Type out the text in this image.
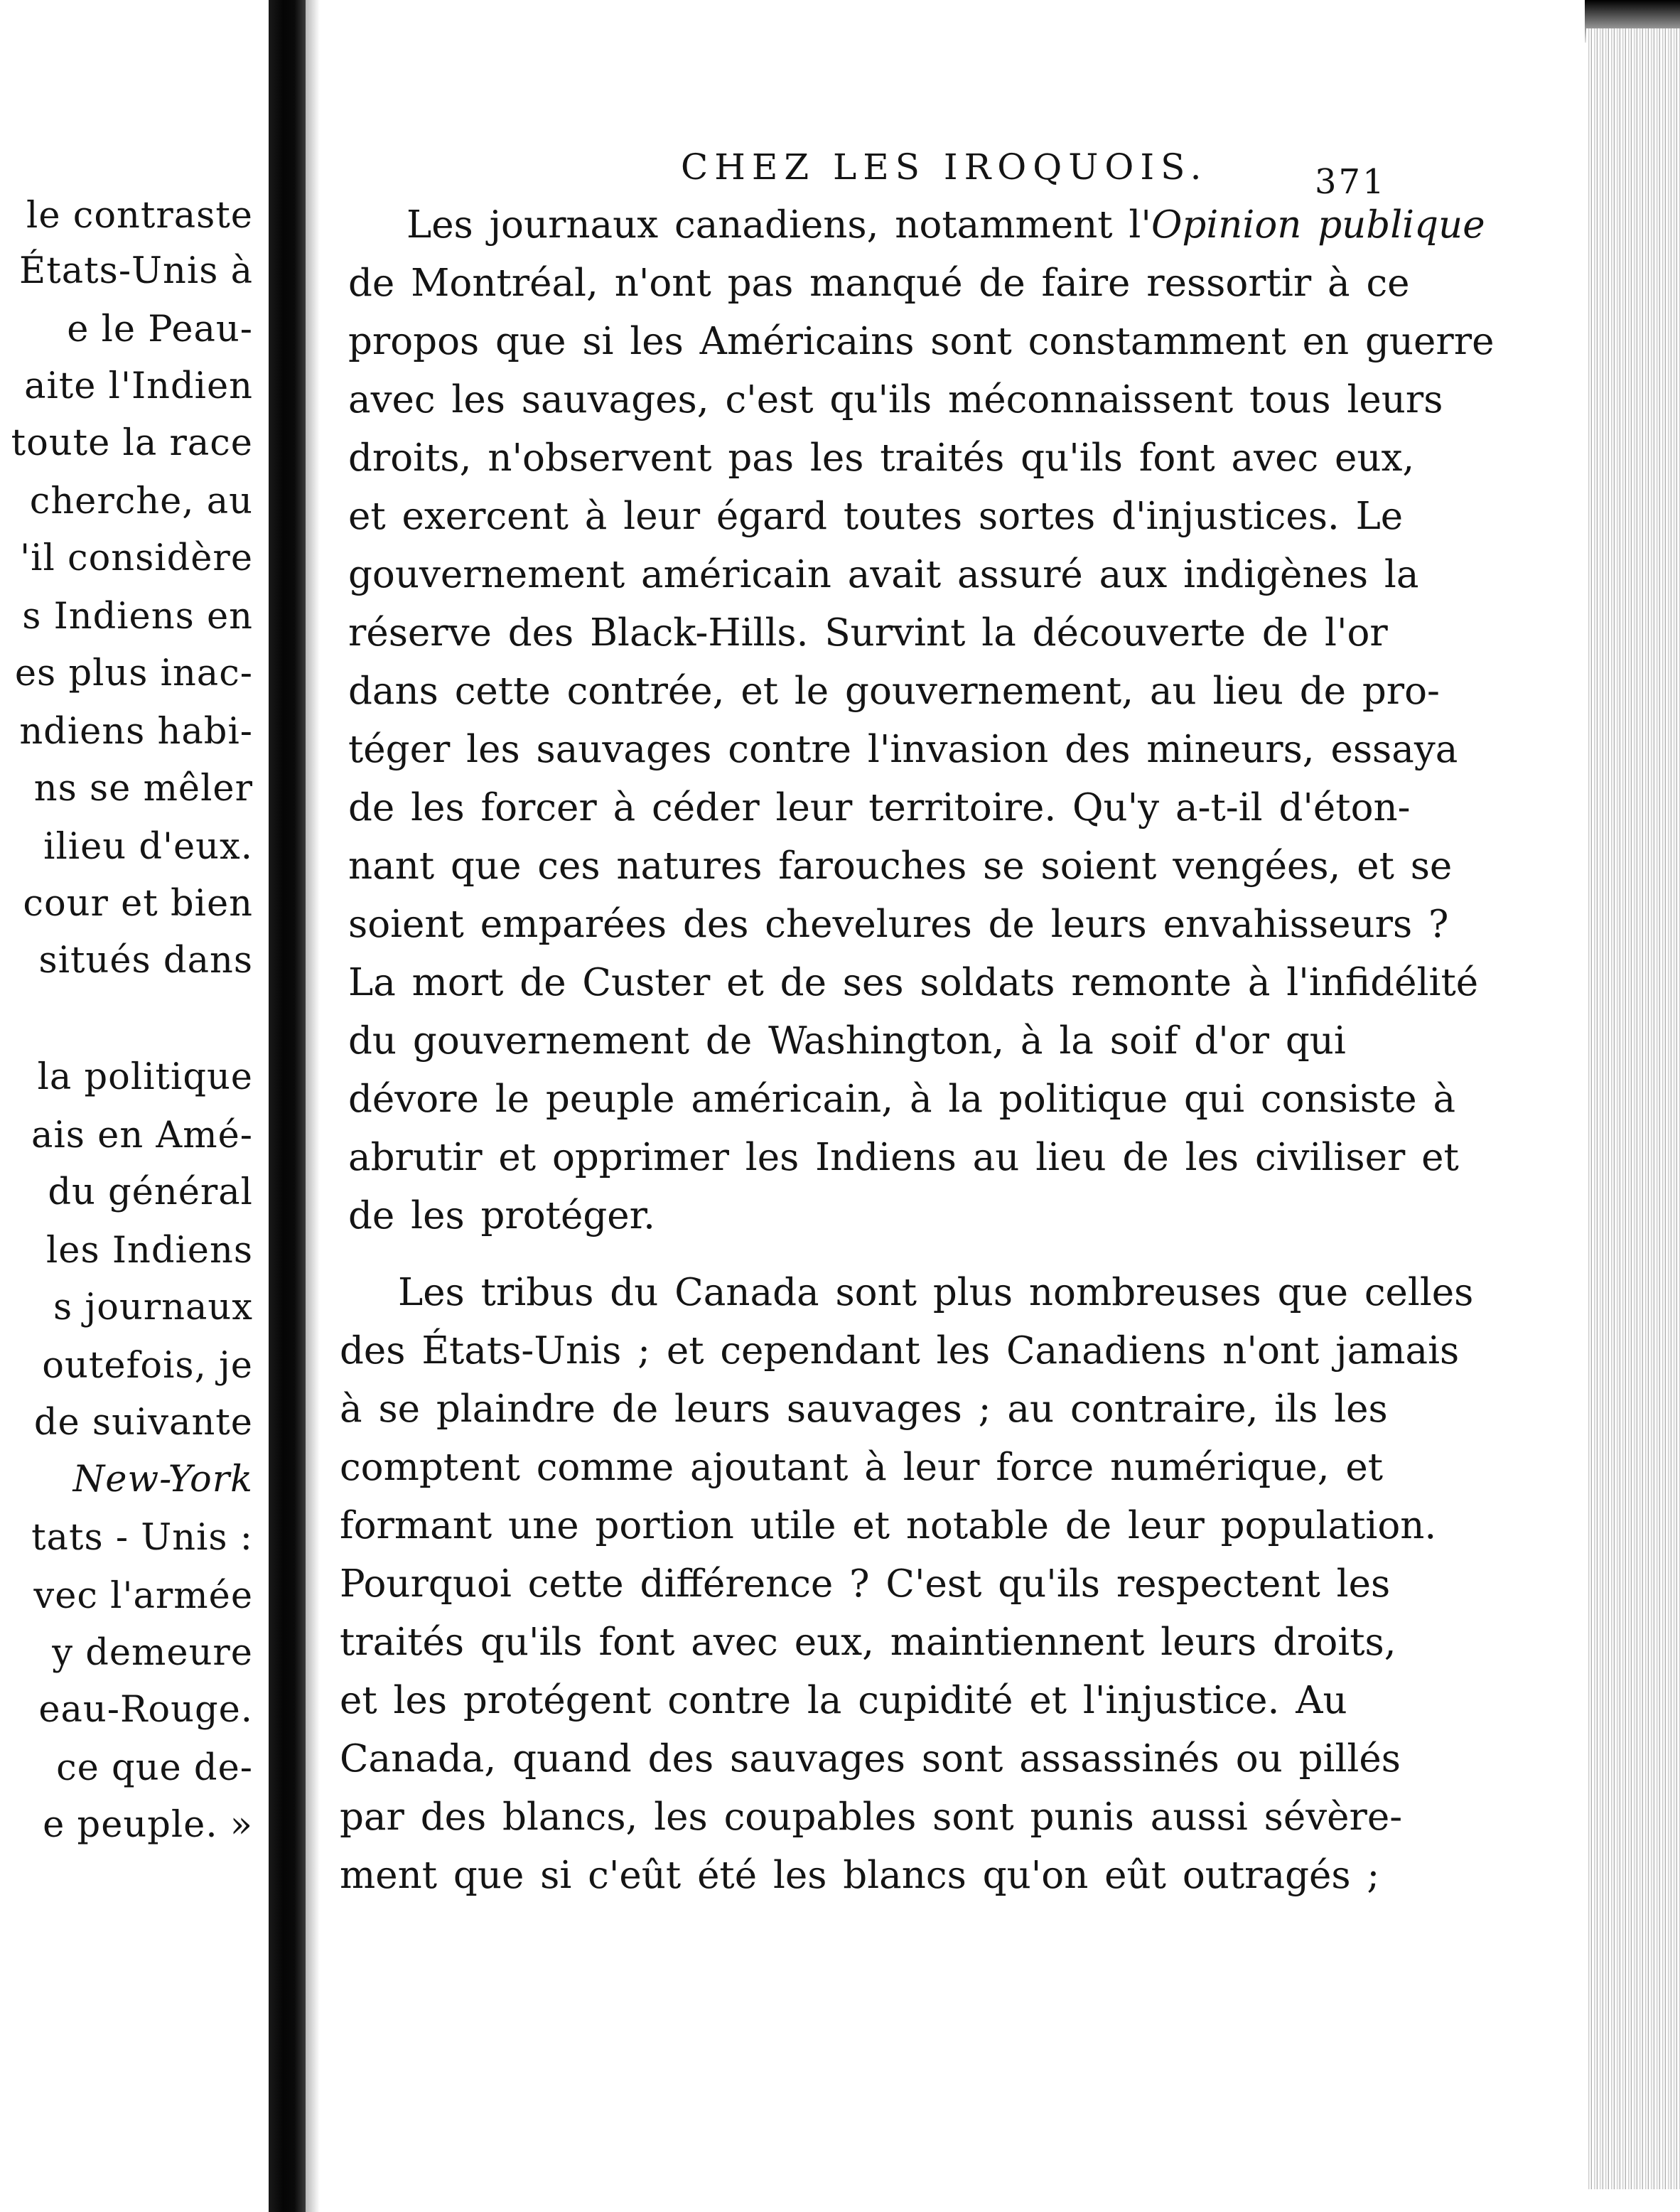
le contraste
États-Unis à
e le Peau-
aite l'Indien
toute la race
cherche, au
'il considère
s Indiens en
es plus inac-
ndiens habi-
ns se mêler
ilieu d'eux.
cour et bien
situés dans
la politique
ais en Amé-
du général
les Indiens
s journaux
outefois, je
de suivante
New-York
tats - Unis :
vec l'armée
y demeure
eau-Rouge.
ce que de-
e peuple. »
CHEZ LES IROQUOIS.	371
Les journaux canadiens, notamment l'Opinion publique
de Montréal, n'ont pas manqué de faire ressortir à ce
propos que si les Américains sont constamment en guerre
avec les sauvages, c'est qu'ils méconnaissent tous leurs
droits, n'observent pas les traités qu'ils font avec eux,
et exercent à leur égard toutes sortes d'injustices. Le
gouvernement américain avait assuré aux indigènes la
réserve des Black-Hills. Survint la découverte de l'or
dans cette contrée, et le gouvernement, au lieu de pro-
téger les sauvages contre l'invasion des mineurs, essaya
de les forcer à céder leur territoire. Qu'y a-t-il d'éton-
nant que ces natures farouches se soient vengées, et se
soient emparées des chevelures de leurs envahisseurs ?
La mort de Custer et de ses soldats remonte à l'infidélité
du gouvernement de Washington, à la soif d'or qui
dévore le peuple américain, à la politique qui consiste à
abrutir et opprimer les Indiens au lieu de les civiliser et
de les protéger.
Les tribus du Canada sont plus nombreuses que celles
des États-Unis ; et cependant les Canadiens n'ont jamais
à se plaindre de leurs sauvages ; au contraire, ils les
comptent comme ajoutant à leur force numérique, et
formant une portion utile et notable de leur population.
Pourquoi cette différence ? C'est qu'ils respectent les
traités qu'ils font avec eux, maintiennent leurs droits,
et les protégent contre la cupidité et l'injustice. Au
Canada, quand des sauvages sont assassinés ou pillés
par des blancs, les coupables sont punis aussi sévère-
ment que si c'eût été les blancs qu'on eût outragés ;
